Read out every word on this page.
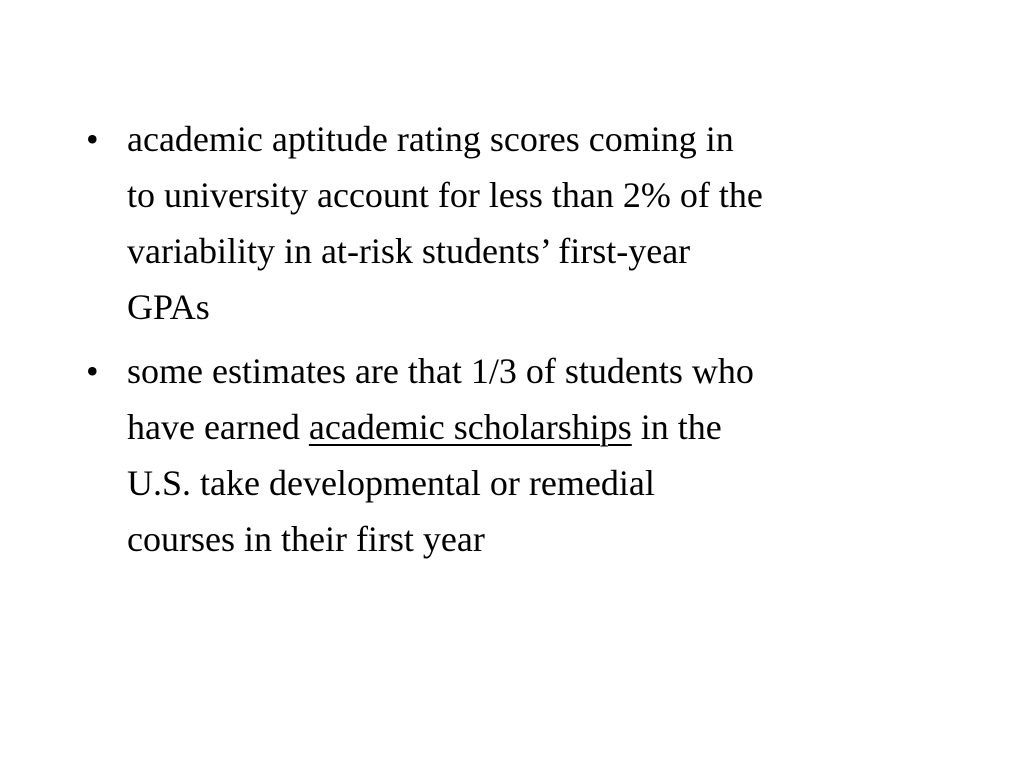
• academic aptitude rating scores coming in
to university account for less than 2% of the
variability in at-risk students’ first-year
GPAs
• some estimates are that 1/3 of students who
have earned academic scholarships in the
U.S. take developmental or remedial
courses in their first year
